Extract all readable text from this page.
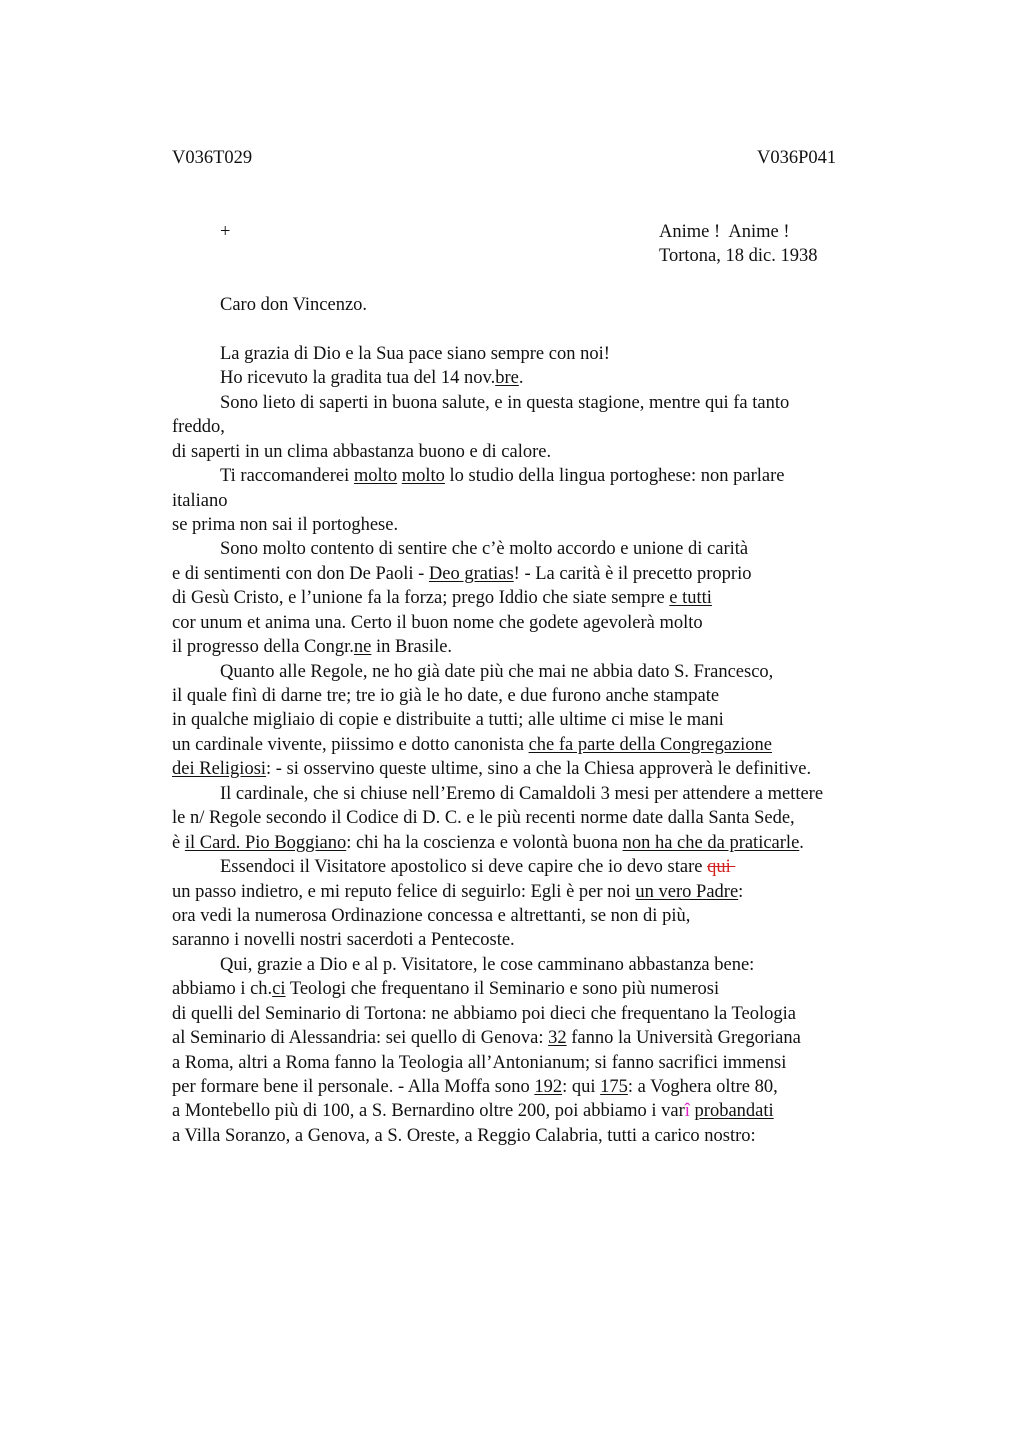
V036T029	V036P041
+	Anime !  Anime !
Tortona, 18 dic. 1938
Caro don Vincenzo.
La grazia di Dio e la Sua pace siano sempre con noi!
Ho ricevuto la gradita tua del 14 nov.bre.
Sono lieto di saperti in buona salute, e in questa stagione, mentre qui fa tanto
freddo,
di saperti in un clima abbastanza buono e di calore.
Ti raccomanderei molto molto lo studio della lingua portoghese: non parlare
italiano
se prima non sai il portoghese.
Sono molto contento di sentire che c’è molto accordo e unione di carità
e di sentimenti con don De Paoli - Deo gratias! - La carità è il precetto proprio
di Gesù Cristo, e l’unione fa la forza; prego Iddio che siate sempre e tutti
cor unum et anima una. Certo il buon nome che godete agevolerà molto
il progresso della Congr.ne in Brasile.
Quanto alle Regole, ne ho già date più che mai ne abbia dato S. Francesco,
il quale finì di darne tre; tre io già le ho date, e due furono anche stampate
in qualche migliaio di copie e distribuite a tutti; alle ultime ci mise le mani
un cardinale vivente, piissimo e dotto canonista che fa parte della Congregazione
dei Religiosi: - si osservino queste ultime, sino a che la Chiesa approverà le definitive.
Il cardinale, che si chiuse nell’Eremo di Camaldoli 3 mesi per attendere a mettere
le n/ Regole secondo il Codice di D. C. e le più recenti norme date dalla Santa Sede,
è il Card. Pio Boggiano: chi ha la coscienza e volontà buona non ha che da praticarle.
Essendoci il Visitatore apostolico si deve capire che io devo stare qui
un passo indietro, e mi reputo felice di seguirlo: Egli è per noi un vero Padre:
ora vedi la numerosa Ordinazione concessa e altrettanti, se non di più,
saranno i novelli nostri sacerdoti a Pentecoste.
Qui, grazie a Dio e al p. Visitatore, le cose camminano abbastanza bene:
abbiamo i ch.ci Teologi che frequentano il Seminario e sono più numerosi
di quelli del Seminario di Tortona: ne abbiamo poi dieci che frequentano la Teologia
al Seminario di Alessandria: sei quello di Genova: 32 fanno la Università Gregoriana
a Roma, altri a Roma fanno la Teologia all’Antonianum; si fanno sacrifici immensi
per formare bene il personale. - Alla Moffa sono 192: qui 175: a Voghera oltre 80,
a Montebello più di 100, a S. Bernardino oltre 200, poi abbiamo i varî probandati
a Villa Soranzo, a Genova, a S. Oreste, a Reggio Calabria, tutti a carico nostro:
